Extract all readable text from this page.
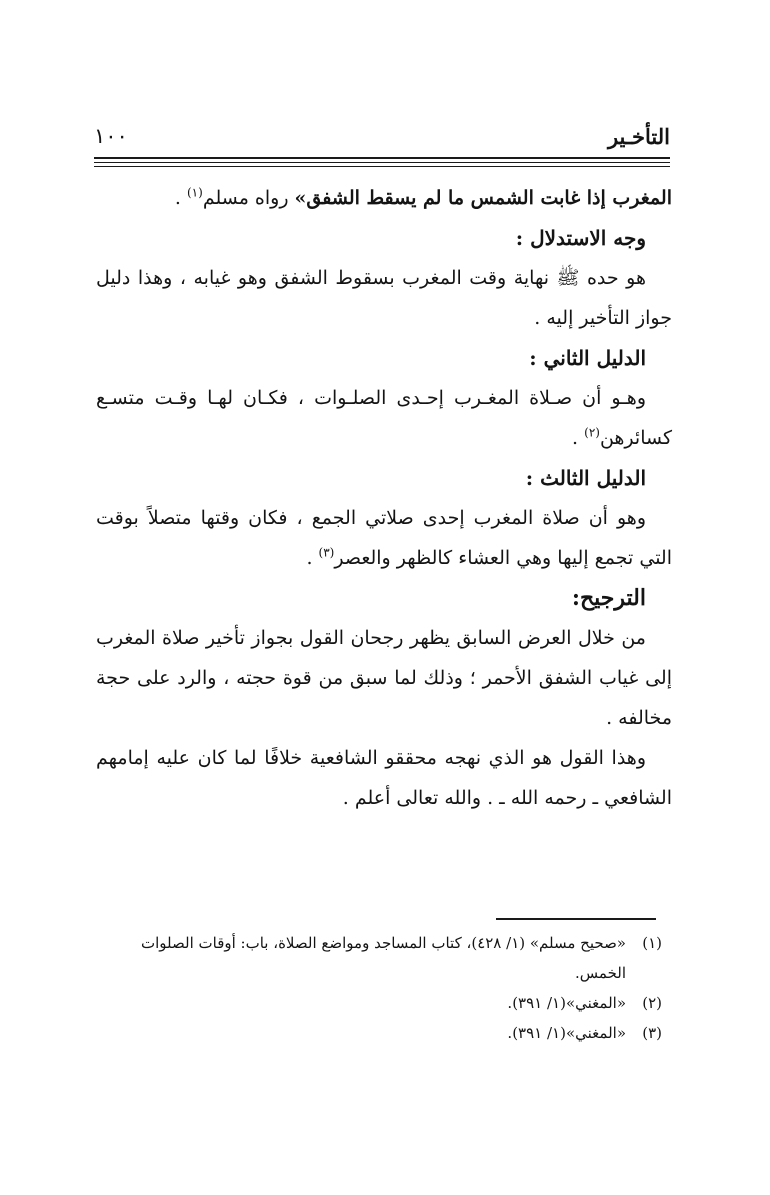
التأخـير
١٠٠

المغرب إذا غابت الشمس ما لم يسقط الشفق» رواه مسلم$^{(١)}$ .

وجه الاستدلال :

هو حده ﷺ نهاية وقت المغرب بسقوط الشفق وهو غيابه ، وهذا دليل جواز التأخير إليه .

الدليل الثاني :

وهـو أن صـلاة المغـرب إحـدى الصلـوات ، فكـان لهـا وقـت متسـع كسائرهن$^{(٢)}$ .

الدليل الثالث :

وهو أن صلاة المغرب إحدى صلاتي الجمع ، فكان وقتها متصلاً بوقت التي تجمع إليها وهي العشاء كالظهر والعصر$^{(٣)}$ .

الترجيح:

من خلال العرض السابق يظهر رجحان القول بجواز تأخير صلاة المغرب إلى غياب الشفق الأحمر ؛ وذلك لما سبق من قوة حجته ، والرد على حجة مخالفه .

وهذا القول هو الذي نهجه محققو الشافعية خلافًا لما كان عليه إمامهم الشافعي ـ رحمه الله ـ . والله تعالى أعلم .

(١)
«صحيح مسلم» (١/ ٤٢٨)، كتاب المساجد ومواضع الصلاة، باب: أوقات الصلوات الخمس.

(٢)
«المغني»(١/ ٣٩١).

(٣)
«المغني»(١/ ٣٩١).
